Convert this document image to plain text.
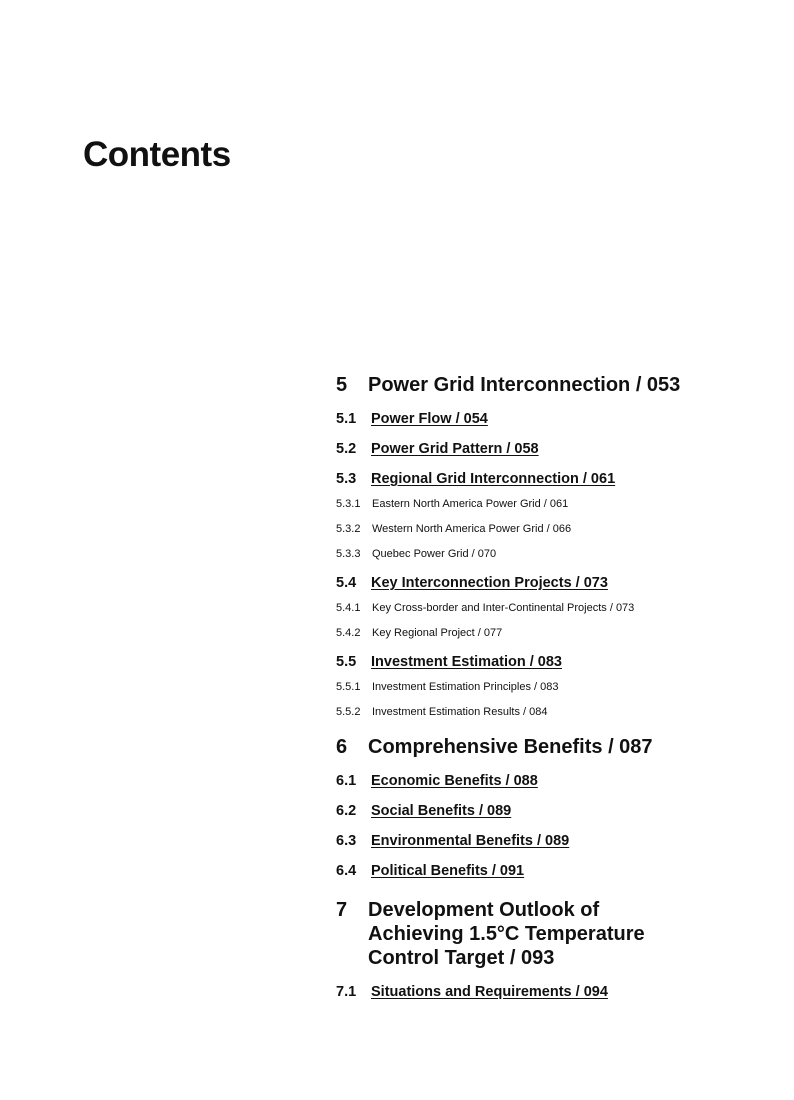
Contents
5	Power Grid Interconnection / 053
5.1 Power Flow / 054
5.2 Power Grid Pattern / 058
5.3 Regional Grid Interconnection / 061
5.3.1 Eastern North America Power Grid / 061
5.3.2 Western North America Power Grid / 066
5.3.3 Quebec Power Grid / 070
5.4 Key Interconnection Projects / 073
5.4.1 Key Cross-border and Inter-Continental Projects / 073
5.4.2 Key Regional Project / 077
5.5 Investment Estimation / 083
5.5.1 Investment Estimation Principles / 083
5.5.2 Investment Estimation Results / 084
6	Comprehensive Benefits / 087
6.1 Economic Benefits / 088
6.2 Social Benefits / 089
6.3 Environmental Benefits / 089
6.4 Political Benefits / 091
7	Development Outlook of Achieving 1.5°C Temperature Control Target / 093
7.1 Situations and Requirements / 094
